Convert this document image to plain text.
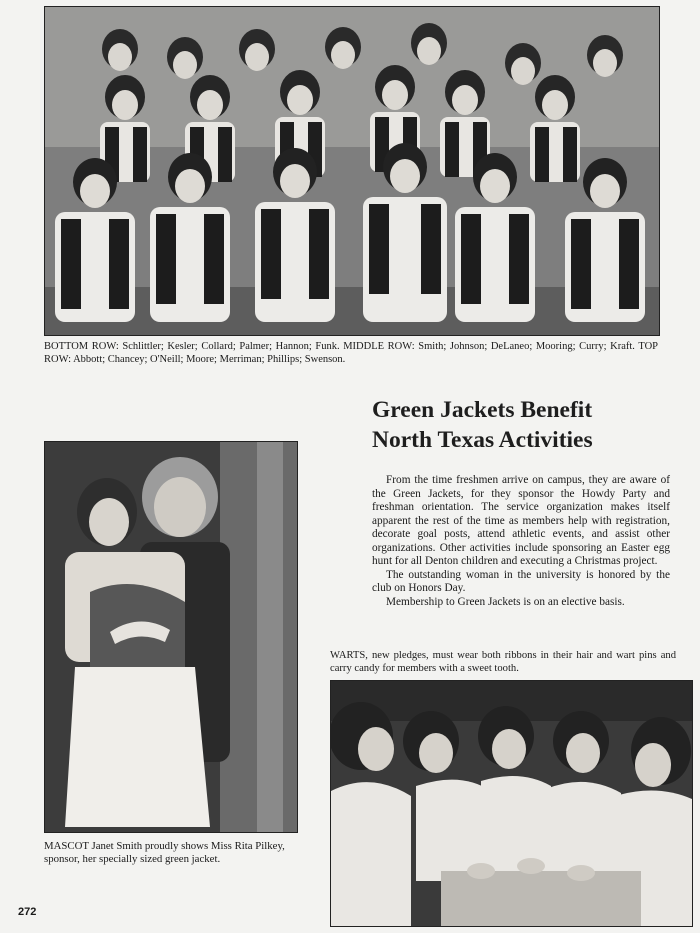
BOTTOM ROW: Schlittler; Kesler; Collard; Palmer; Hannon; Funk. MIDDLE ROW: Smith; Johnson; DeLaneo; Mooring; Curry; Kraft. TOP ROW: Abbott; Chancey; O'Neill; Moore; Merriman; Phillips; Swenson.

Green Jackets Benefit
North Texas Activities

From the time freshmen arrive on campus, they are aware of the Green Jackets, for they sponsor the Howdy Party and freshman orientation. The service organization makes itself apparent the rest of the time as members help with registration, decorate goal posts, attend athletic events, and assist other organizations. Other activities include sponsoring an Easter egg hunt for all Denton children and executing a Christmas project.

The outstanding woman in the university is honored by the club on Honors Day.

Membership to Green Jackets is on an elective basis.

MASCOT Janet Smith proudly shows Miss Rita Pilkey, sponsor, her specially sized green jacket.

WARTS, new pledges, must wear both ribbons in their hair and wart pins and carry candy for members with a sweet tooth.

272
